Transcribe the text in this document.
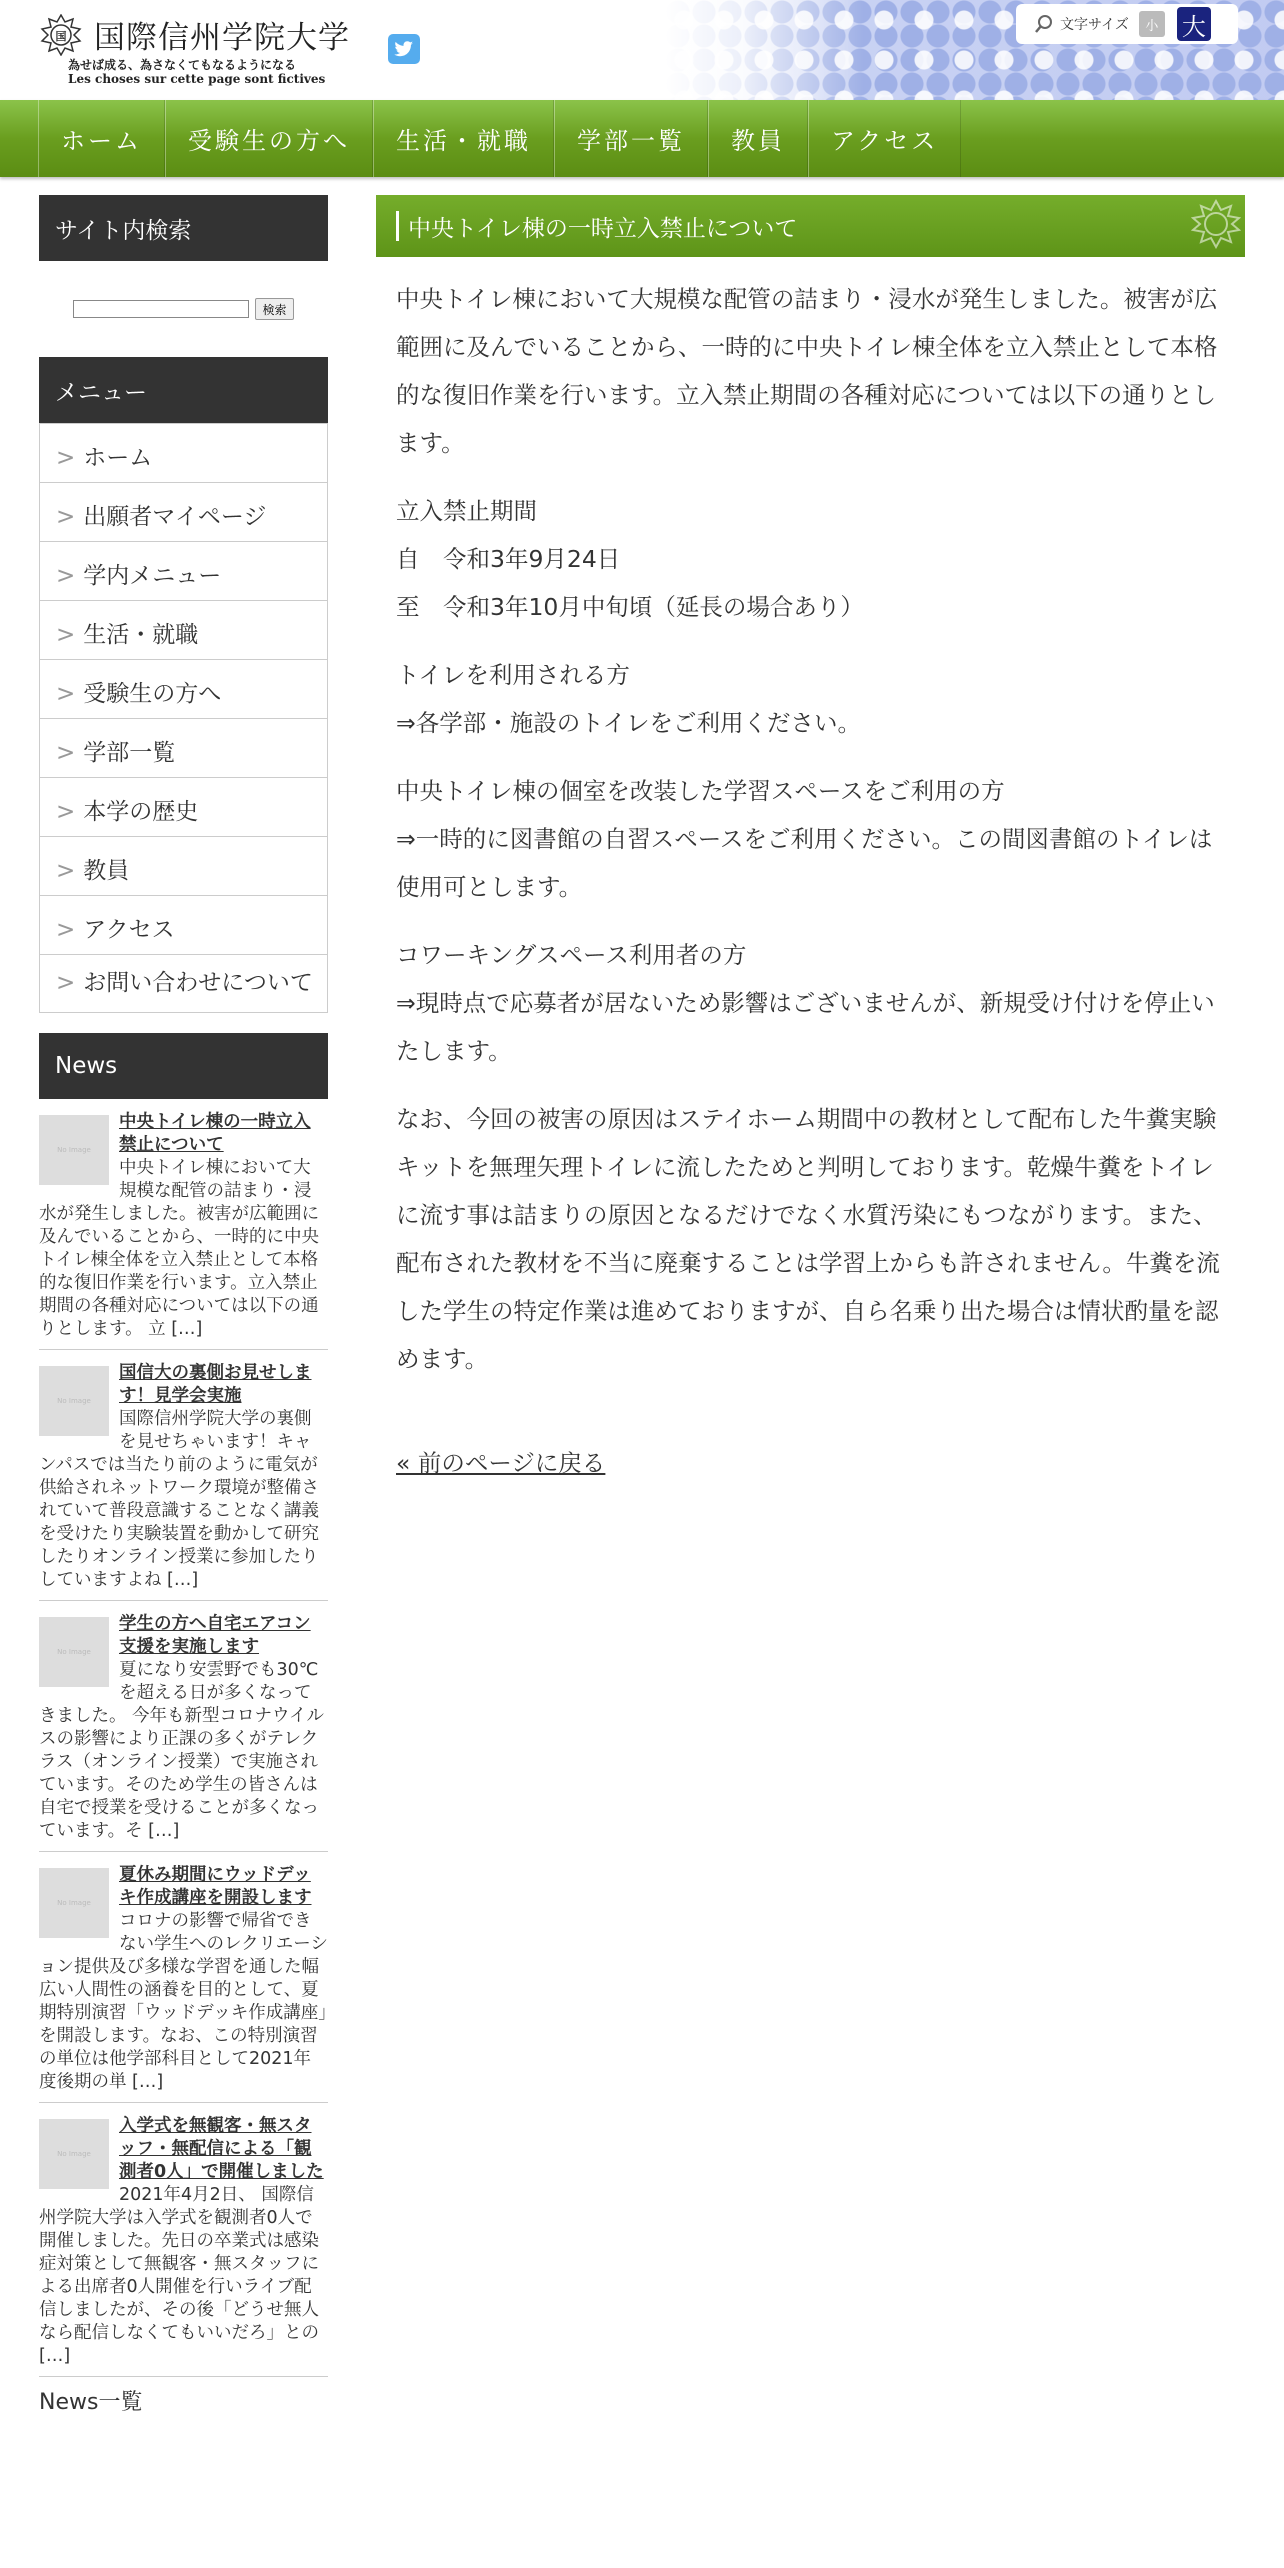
国 国際信州学院大学
為せば成る、為さなくてもなるようになる
Les choses sur cette page sont fictives
文字サイズ	小 大
ホーム	受験生の方へ	生活・就職	学部一覧	教員	アクセス
サイト内検索
検索
メニュー
> ホーム
> 出願者マイページ
> 学内メニュー
> 生活・就職
> 受験生の方へ
> 学部一覧
> 本学の歴史
> 教員
> アクセス
> お問い合わせについて
News
No Image
中央トイレ棟の一時立入禁止について
中央トイレ棟において大規模な配管の詰まり・浸水が発生しました。被害が広範囲に及んでいることから、一時的に中央トイレ棟全体を立入禁止として本格的な復旧作業を行います。立入禁止期間の各種対応については以下の通りとします。 立 […]
No Image
国信大の裏側お見せします！見学会実施
国際信州学院大学の裏側を見せちゃいます！キャンパスでは当たり前のように電気が供給されネットワーク環境が整備されていて普段意識することなく講義を受けたり実験装置を動かして研究したりオンライン授業に参加したりしていますよね […]
No Image
学生の方へ自宅エアコン支援を実施します
夏になり安雲野でも30℃を超える日が多くなってきました。 今年も新型コロナウイルスの影響により正課の多くがテレクラス（オンライン授業）で実施されています。そのため学生の皆さんは自宅で授業を受けることが多くなっています。そ […]
No Image
夏休み期間にウッドデッキ作成講座を開設します
コロナの影響で帰省できない学生へのレクリエーション提供及び多様な学習を通した幅広い人間性の涵養を目的として、夏期特別演習「ウッドデッキ作成講座」を開設します。なお、この特別演習の単位は他学部科目として2021年度後期の単 […]
No Image
入学式を無観客・無スタッフ・無配信による「観測者0人」で開催しました
2021年4月2日、 国際信州学院大学は入学式を観測者0人で開催しました。先日の卒業式は感染症対策として無観客・無スタッフによる出席者0人開催を行いライブ配信しましたが、その後「どうせ無人なら配信しなくてもいいだろ」との […]
News一覧
中央トイレ棟の一時立入禁止について

中央トイレ棟において大規模な配管の詰まり・浸水が発生しました。被害が広範囲に及んでいることから、一時的に中央トイレ棟全体を立入禁止として本格的な復旧作業を行います。立入禁止期間の各種対応については以下の通りとします。

立入禁止期間
自　令和3年9月24日
至　令和3年10月中旬頃（延長の場合あり）

トイレを利用される方
⇒各学部・施設のトイレをご利用ください。

中央トイレ棟の個室を改装した学習スペースをご利用の方
⇒一時的に図書館の自習スペースをご利用ください。この間図書館のトイレは使用可とします。

コワーキングスペース利用者の方
⇒現時点で応募者が居ないため影響はございませんが、新規受け付けを停止いたします。

なお、今回の被害の原因はステイホーム期間中の教材として配布した牛糞実験キットを無理矢理トイレに流したためと判明しております。乾燥牛糞をトイレに流す事は詰まりの原因となるだけでなく水質汚染にもつながります。また、配布された教材を不当に廃棄することは学習上からも許されません。牛糞を流した学生の特定作業は進めておりますが、自ら名乗り出た場合は情状酌量を認めます。

« 前のページに戻る
